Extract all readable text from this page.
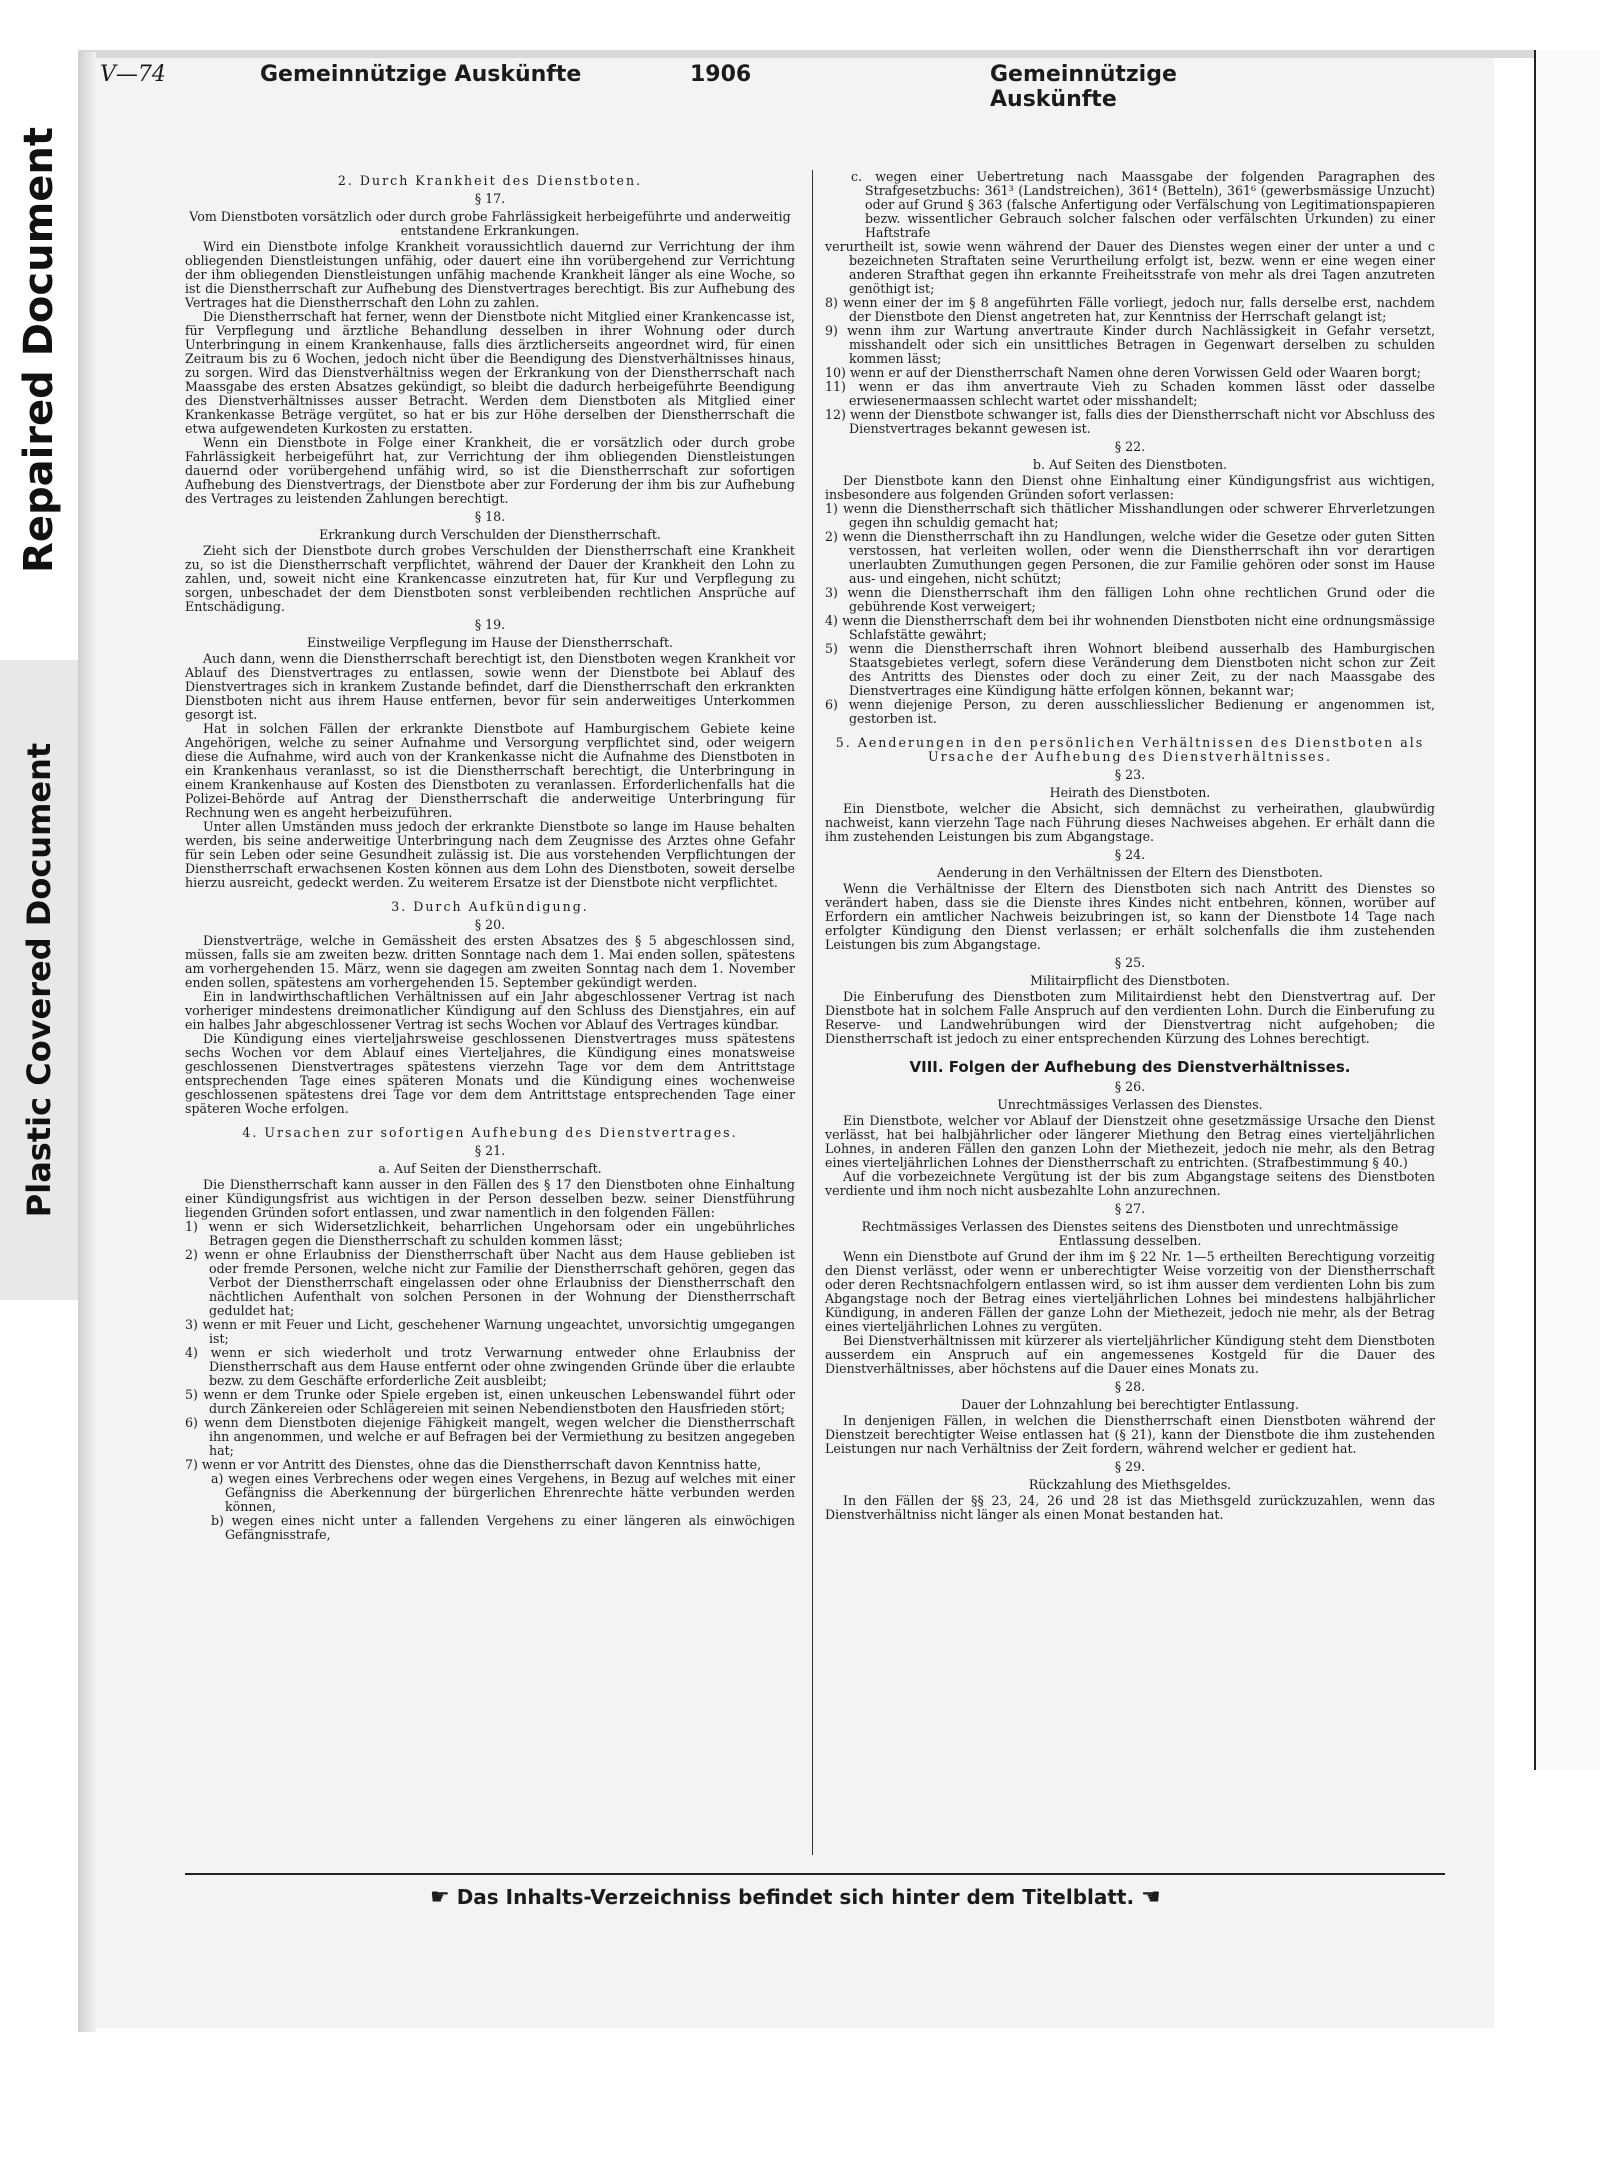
Repaired Document
Plastic Covered Document
V—74	Gemeinnützige Auskünfte	1906	Gemeinnützige Auskünfte

2. Durch Krankheit des Dienstboten.

§ 17.

Vom Dienstboten vorsätzlich oder durch grobe Fahrlässigkeit herbeigeführte und anderweitig entstandene Erkrankungen.

Wird ein Dienstbote infolge Krankheit voraussichtlich dauernd zur Verrichtung der ihm obliegenden Dienstleistungen unfähig, oder dauert eine ihn vorübergehend zur Verrichtung der ihm obliegenden Dienstleistungen unfähig machende Krankheit länger als eine Woche, so ist die Dienstherrschaft zur Aufhebung des Dienstvertrages berechtigt. Bis zur Aufhebung des Vertrages hat die Dienstherrschaft den Lohn zu zahlen.

Die Dienstherrschaft hat ferner, wenn der Dienstbote nicht Mitglied einer Krankencasse ist, für Verpflegung und ärztliche Behandlung desselben in ihrer Wohnung oder durch Unterbringung in einem Krankenhause, falls dies ärztlicherseits angeordnet wird, für einen Zeitraum bis zu 6 Wochen, jedoch nicht über die Beendigung des Dienstverhältnisses hinaus, zu sorgen. Wird das Dienstverhältniss wegen der Erkrankung von der Dienstherrschaft nach Maassgabe des ersten Absatzes gekündigt, so bleibt die dadurch herbeigeführte Beendigung des Dienstverhältnisses ausser Betracht. Werden dem Dienstboten als Mitglied einer Krankenkasse Beträge vergütet, so hat er bis zur Höhe derselben der Dienstherrschaft die etwa aufgewendeten Kurkosten zu erstatten.

Wenn ein Dienstbote in Folge einer Krankheit, die er vorsätzlich oder durch grobe Fahrlässigkeit herbeigeführt hat, zur Verrichtung der ihm obliegenden Dienstleistungen dauernd oder vorübergehend unfähig wird, so ist die Dienstherrschaft zur sofortigen Aufhebung des Dienstvertrags, der Dienstbote aber zur Forderung der ihm bis zur Aufhebung des Vertrages zu leistenden Zahlungen berechtigt.

§ 18.

Erkrankung durch Verschulden der Dienstherrschaft.

Zieht sich der Dienstbote durch grobes Verschulden der Dienstherrschaft eine Krankheit zu, so ist die Dienstherrschaft verpflichtet, während der Dauer der Krankheit den Lohn zu zahlen, und, soweit nicht eine Krankencasse einzutreten hat, für Kur und Verpflegung zu sorgen, unbeschadet der dem Dienstboten sonst verbleibenden rechtlichen Ansprüche auf Entschädigung.

§ 19.

Einstweilige Verpflegung im Hause der Dienstherrschaft.

Auch dann, wenn die Dienstherrschaft berechtigt ist, den Dienstboten wegen Krankheit vor Ablauf des Dienstvertrages zu entlassen, sowie wenn der Dienstbote bei Ablauf des Dienstvertrages sich in krankem Zustande befindet, darf die Dienstherrschaft den erkrankten Dienstboten nicht aus ihrem Hause entfernen, bevor für sein anderweitiges Unterkommen gesorgt ist.

Hat in solchen Fällen der erkrankte Dienstbote auf Hamburgischem Gebiete keine Angehörigen, welche zu seiner Aufnahme und Versorgung verpflichtet sind, oder weigern diese die Aufnahme, wird auch von der Krankenkasse nicht die Aufnahme des Dienstboten in ein Krankenhaus veranlasst, so ist die Dienstherrschaft berechtigt, die Unterbringung in einem Krankenhause auf Kosten des Dienstboten zu veranlassen. Erforderlichenfalls hat die Polizei-Behörde auf Antrag der Dienstherrschaft die anderweitige Unterbringung für Rechnung wen es angeht herbeizuführen.

Unter allen Umständen muss jedoch der erkrankte Dienstbote so lange im Hause behalten werden, bis seine anderweitige Unterbringung nach dem Zeugnisse des Arztes ohne Gefahr für sein Leben oder seine Gesundheit zulässig ist. Die aus vorstehenden Verpflichtungen der Dienstherrschaft erwachsenen Kosten können aus dem Lohn des Dienstboten, soweit derselbe hierzu ausreicht, gedeckt werden. Zu weiterem Ersatze ist der Dienstbote nicht verpflichtet.

3. Durch Aufkündigung.

§ 20.

Dienstverträge, welche in Gemässheit des ersten Absatzes des § 5 abgeschlossen sind, müssen, falls sie am zweiten bezw. dritten Sonntage nach dem 1. Mai enden sollen, spätestens am vorhergehenden 15. März, wenn sie dagegen am zweiten Sonntag nach dem 1. November enden sollen, spätestens am vorhergehenden 15. September gekündigt werden.

Ein in landwirthschaftlichen Verhältnissen auf ein Jahr abgeschlossener Vertrag ist nach vorheriger mindestens dreimonatlicher Kündigung auf den Schluss des Dienstjahres, ein auf ein halbes Jahr abgeschlossener Vertrag ist sechs Wochen vor Ablauf des Vertrages kündbar.

Die Kündigung eines vierteljahrsweise geschlossenen Dienstvertrages muss spätestens sechs Wochen vor dem Ablauf eines Vierteljahres, die Kündigung eines monatsweise geschlossenen Dienstvertrages spätestens vierzehn Tage vor dem dem Antrittstage entsprechenden Tage eines späteren Monats und die Kündigung eines wochenweise geschlossenen spätestens drei Tage vor dem dem Antrittstage entsprechenden Tage einer späteren Woche erfolgen.

4. Ursachen zur sofortigen Aufhebung des Dienstvertrages.

§ 21.

a. Auf Seiten der Dienstherrschaft.

Die Dienstherrschaft kann ausser in den Fällen des § 17 den Dienstboten ohne Einhaltung einer Kündigungsfrist aus wichtigen in der Person desselben bezw. seiner Dienstführung liegenden Gründen sofort entlassen, und zwar namentlich in den folgenden Fällen:

1) wenn er sich Widersetzlichkeit, beharrlichen Ungehorsam oder ein ungebührliches Betragen gegen die Dienstherrschaft zu schulden kommen lässt;

2) wenn er ohne Erlaubniss der Dienstherrschaft über Nacht aus dem Hause geblieben ist oder fremde Personen, welche nicht zur Familie der Dienstherrschaft gehören, gegen das Verbot der Dienstherrschaft eingelassen oder ohne Erlaubniss der Dienstherrschaft den nächtlichen Aufenthalt von solchen Personen in der Wohnung der Dienstherrschaft geduldet hat;

3) wenn er mit Feuer und Licht, geschehener Warnung ungeachtet, unvorsichtig umgegangen ist;

4) wenn er sich wiederholt und trotz Verwarnung entweder ohne Erlaubniss der Dienstherrschaft aus dem Hause entfernt oder ohne zwingenden Gründe über die erlaubte bezw. zu dem Geschäfte erforderliche Zeit ausbleibt;

5) wenn er dem Trunke oder Spiele ergeben ist, einen unkeuschen Lebenswandel führt oder durch Zänkereien oder Schlägereien mit seinen Nebendienstboten den Hausfrieden stört;

6) wenn dem Dienstboten diejenige Fähigkeit mangelt, wegen welcher die Dienstherrschaft ihn angenommen, und welche er auf Befragen bei der Vermiethung zu besitzen angegeben hat;

7) wenn er vor Antritt des Dienstes, ohne das die Dienstherrschaft davon Kenntniss hatte,

a) wegen eines Verbrechens oder wegen eines Vergehens, in Bezug auf welches mit einer Gefängniss die Aberkennung der bürgerlichen Ehrenrechte hätte verbunden werden können,

b) wegen eines nicht unter a fallenden Vergehens zu einer längeren als einwöchigen Gefängnisstrafe,

c. wegen einer Uebertretung nach Maassgabe der folgenden Paragraphen des Strafgesetzbuchs: 361³ (Landstreichen), 361⁴ (Betteln), 361⁶ (gewerbsmässige Unzucht) oder auf Grund § 363 (falsche Anfertigung oder Verfälschung von Legitimationspapieren bezw. wissentlicher Gebrauch solcher falschen oder verfälschten Urkunden) zu einer Haftstrafe

verurtheilt ist, sowie wenn während der Dauer des Dienstes wegen einer der unter a und c bezeichneten Straftaten seine Verurtheilung erfolgt ist, bezw. wenn er eine wegen einer anderen Strafthat gegen ihn erkannte Freiheitsstrafe von mehr als drei Tagen anzutreten genöthigt ist;

8) wenn einer der im § 8 angeführten Fälle vorliegt, jedoch nur, falls derselbe erst, nachdem der Dienstbote den Dienst angetreten hat, zur Kenntniss der Herrschaft gelangt ist;

9) wenn ihm zur Wartung anvertraute Kinder durch Nachlässigkeit in Gefahr versetzt, misshandelt oder sich ein unsittliches Betragen in Gegenwart derselben zu schulden kommen lässt;

10) wenn er auf der Dienstherrschaft Namen ohne deren Vorwissen Geld oder Waaren borgt;

11) wenn er das ihm anvertraute Vieh zu Schaden kommen lässt oder dasselbe erwiesenermaassen schlecht wartet oder misshandelt;

12) wenn der Dienstbote schwanger ist, falls dies der Dienstherrschaft nicht vor Abschluss des Dienstvertrages bekannt gewesen ist.

§ 22.

b. Auf Seiten des Dienstboten.

Der Dienstbote kann den Dienst ohne Einhaltung einer Kündigungsfrist aus wichtigen, insbesondere aus folgenden Gründen sofort verlassen:

1) wenn die Dienstherrschaft sich thätlicher Misshandlungen oder schwerer Ehrverletzungen gegen ihn schuldig gemacht hat;

2) wenn die Dienstherrschaft ihn zu Handlungen, welche wider die Gesetze oder guten Sitten verstossen, hat verleiten wollen, oder wenn die Dienstherrschaft ihn vor derartigen unerlaubten Zumuthungen gegen Personen, die zur Familie gehören oder sonst im Hause aus- und eingehen, nicht schützt;

3) wenn die Dienstherrschaft ihm den fälligen Lohn ohne rechtlichen Grund oder die gebührende Kost verweigert;

4) wenn die Dienstherrschaft dem bei ihr wohnenden Dienstboten nicht eine ordnungsmässige Schlafstätte gewährt;

5) wenn die Dienstherrschaft ihren Wohnort bleibend ausserhalb des Hamburgischen Staatsgebietes verlegt, sofern diese Veränderung dem Dienstboten nicht schon zur Zeit des Antritts des Dienstes oder doch zu einer Zeit, zu der nach Maassgabe des Dienstvertrages eine Kündigung hätte erfolgen können, bekannt war;

6) wenn diejenige Person, zu deren ausschliesslicher Bedienung er angenommen ist, gestorben ist.

5. Aenderungen in den persönlichen Verhältnissen des Dienstboten als Ursache der Aufhebung des Dienstverhältnisses.

§ 23.

Heirath des Dienstboten.

Ein Dienstbote, welcher die Absicht, sich demnächst zu verheirathen, glaubwürdig nachweist, kann vierzehn Tage nach Führung dieses Nachweises abgehen. Er erhält dann die ihm zustehenden Leistungen bis zum Abgangstage.

§ 24.

Aenderung in den Verhältnissen der Eltern des Dienstboten.

Wenn die Verhältnisse der Eltern des Dienstboten sich nach Antritt des Dienstes so verändert haben, dass sie die Dienste ihres Kindes nicht entbehren, können, worüber auf Erfordern ein amtlicher Nachweis beizubringen ist, so kann der Dienstbote 14 Tage nach erfolgter Kündigung den Dienst verlassen; er erhält solchenfalls die ihm zustehenden Leistungen bis zum Abgangstage.

§ 25.

Militairpflicht des Dienstboten.

Die Einberufung des Dienstboten zum Militairdienst hebt den Dienstvertrag auf. Der Dienstbote hat in solchem Falle Anspruch auf den verdienten Lohn. Durch die Einberufung zu Reserve- und Landwehrübungen wird der Dienstvertrag nicht aufgehoben; die Dienstherrschaft ist jedoch zu einer entsprechenden Kürzung des Lohnes berechtigt.

VIII. Folgen der Aufhebung des Dienstverhältnisses.

§ 26.

Unrechtmässiges Verlassen des Dienstes.

Ein Dienstbote, welcher vor Ablauf der Dienstzeit ohne gesetzmässige Ursache den Dienst verlässt, hat bei halbjährlicher oder längerer Miethung den Betrag eines vierteljährlichen Lohnes, in anderen Fällen den ganzen Lohn der Miethezeit, jedoch nie mehr, als den Betrag eines vierteljährlichen Lohnes der Dienstherrschaft zu entrichten. (Strafbestimmung § 40.)

Auf die vorbezeichnete Vergütung ist der bis zum Abgangstage seitens des Dienstboten verdiente und ihm noch nicht ausbezahlte Lohn anzurechnen.

§ 27.

Rechtmässiges Verlassen des Dienstes seitens des Dienstboten und unrechtmässige Entlassung desselben.

Wenn ein Dienstbote auf Grund der ihm im § 22 Nr. 1—5 ertheilten Berechtigung vorzeitig den Dienst verlässt, oder wenn er unberechtigter Weise vorzeitig von der Dienstherrschaft oder deren Rechtsnachfolgern entlassen wird, so ist ihm ausser dem verdienten Lohn bis zum Abgangstage noch der Betrag eines vierteljährlichen Lohnes bei mindestens halbjährlicher Kündigung, in anderen Fällen der ganze Lohn der Miethezeit, jedoch nie mehr, als der Betrag eines vierteljährlichen Lohnes zu vergüten.

Bei Dienstverhältnissen mit kürzerer als vierteljährlicher Kündigung steht dem Dienstboten ausserdem ein Anspruch auf ein angemessenes Kostgeld für die Dauer des Dienstverhältnisses, aber höchstens auf die Dauer eines Monats zu.

§ 28.

Dauer der Lohnzahlung bei berechtigter Entlassung.

In denjenigen Fällen, in welchen die Dienstherrschaft einen Dienstboten während der Dienstzeit berechtigter Weise entlassen hat (§ 21), kann der Dienstbote die ihm zustehenden Leistungen nur nach Verhältniss der Zeit fordern, während welcher er gedient hat.

§ 29.

Rückzahlung des Miethsgeldes.

In den Fällen der §§ 23, 24, 26 und 28 ist das Miethsgeld zurückzuzahlen, wenn das Dienstverhältniss nicht länger als einen Monat bestanden hat.

☛ Das Inhalts-Verzeichniss befindet sich hinter dem Titelblatt. ☚
